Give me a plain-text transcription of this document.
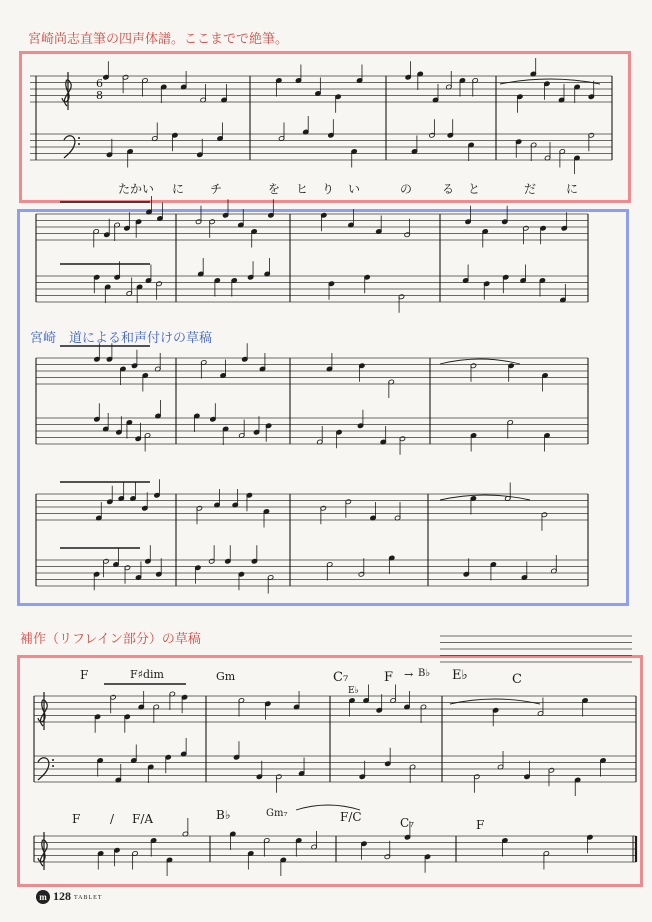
宮崎尚志直筆の四声体譜。ここまでで絶筆。
宮崎　道による和声付けの草稿
補作（リフレイン部分）の草稿
6
8
たかい に チ	を ヒ り い	の る と	だ に
F	F♯dim	Gm	C₇
E♭
F → B♭ E♭	C
F / F/A	B♭	Gm₇	F/C	C₇	F
m 128 TABLET
